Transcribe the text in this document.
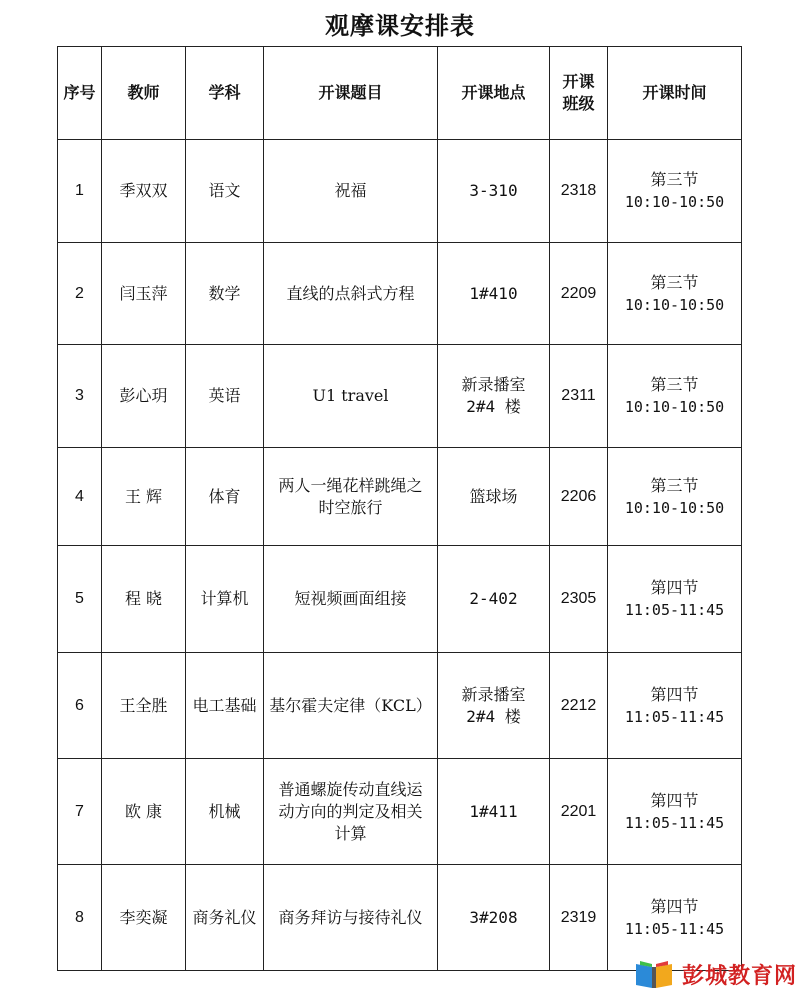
观摩课安排表
序号	教师	学科	开课题目	开课地点	开课
班级	开课时间
1	季双双	语文	祝福	3-310	2318	第三节
10:10-10:50

2	闫玉萍	数学	直线的点斜式方程	1#410	2209	第三节
10:10-10:50

3	彭心玥	英语	U1 travel	新录播室
2#4 楼	2311	第三节
10:10-10:50

4	王 辉	体育	两人一绳花样跳绳之
时空旅行	篮球场	2206	第三节
10:10-10:50

5	程 晓	计算机	短视频画面组接	2-402	2305	第四节
11:05-11:45

6	王全胜	电工基础	基尔霍夫定律（KCL）	新录播室
2#4 楼	2212	第四节
11:05-11:45

7	欧 康	机械	普通螺旋传动直线运
动方向的判定及相关
计算	1#411	2201	第四节
11:05-11:45

8	李奕凝	商务礼仪	商务拜访与接待礼仪	3#208	2319	第四节
11:05-11:45
彭城教育网
